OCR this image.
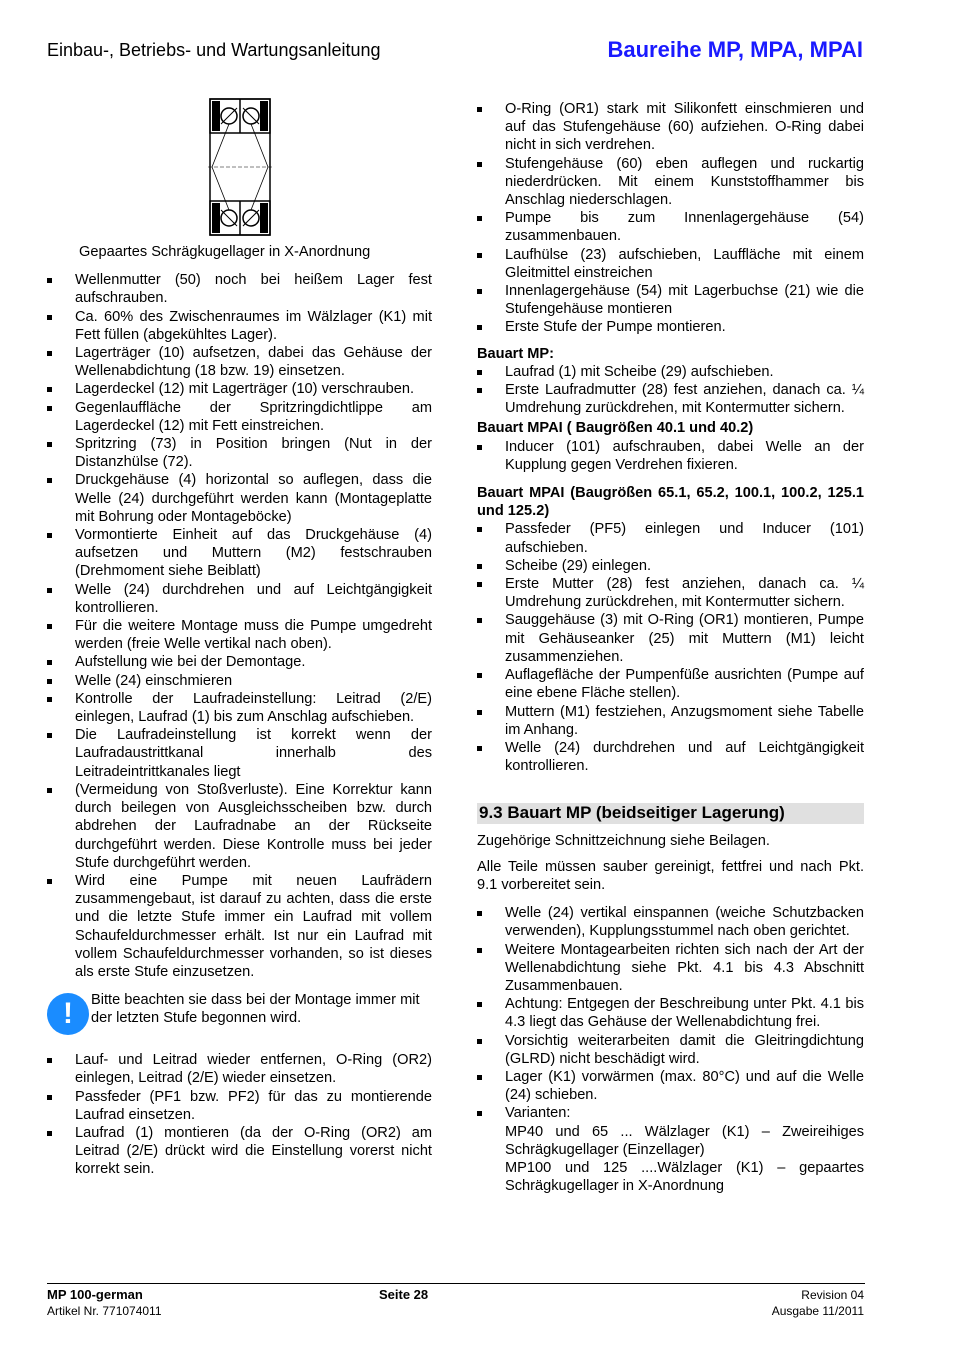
Einbau-, Betriebs- und Wartungsanleitung	Baureihe MP, MPA, MPAI
Gepaartes Schrägkugellager in X-Anordnung
Wellenmutter (50) noch bei heißem Lager fest aufschrauben.
Ca. 60% des Zwischenraumes im Wälzlager (K1) mit Fett füllen (abgekühltes Lager).
Lagerträger (10) aufsetzen, dabei das Gehäuse der Wellenabdichtung (18 bzw. 19) einsetzen.
Lagerdeckel (12) mit Lagerträger (10) verschrauben.
Gegenlauffläche der Spritzringdichtlippe am Lagerdeckel (12) mit Fett einstreichen.
Spritzring (73) in Position bringen (Nut in der Distanzhülse (72).
Druckgehäuse (4) horizontal so auflegen, dass die Welle (24) durchgeführt werden kann (Montageplatte mit Bohrung oder Montageböcke)
Vormontierte Einheit auf das Druckgehäuse (4) aufsetzen und Muttern (M2) festschrauben (Drehmoment siehe Beiblatt)
Welle (24) durchdrehen und auf Leichtgängigkeit kontrollieren.
Für die weitere Montage muss die Pumpe umgedreht werden (freie Welle vertikal nach oben).
Aufstellung wie bei der Demontage.
Welle (24) einschmieren
Kontrolle der Laufradeinstellung: Leitrad (2/E) einlegen, Laufrad (1) bis zum Anschlag aufschieben.
Die Laufradeinstellung ist korrekt wenn der Laufradaustrittkanal innerhalb des Leitradeintrittkanales liegt
(Vermeidung von Stoßverluste). Eine Korrektur kann durch beilegen von Ausgleichsscheiben bzw. durch abdrehen der Laufradnabe an der Rückseite durchgeführt werden. Diese Kontrolle muss bei jeder Stufe durchgeführt werden.
Wird eine Pumpe mit neuen Laufrädern zusammengebaut, ist darauf zu achten, dass die erste und die letzte Stufe immer ein Laufrad mit vollem Schaufeldurchmesser erhält. Ist nur ein Laufrad mit vollem Schaufeldurchmesser vorhanden, so ist dieses als erste Stufe einzusetzen.
!	Bitte beachten sie dass bei der Montage immer mit der letzten Stufe begonnen wird.
Lauf- und Leitrad wieder entfernen, O-Ring (OR2) einlegen, Leitrad (2/E) wieder einsetzen.
Passfeder (PF1 bzw. PF2) für das zu montierende Laufrad einsetzen.
Laufrad (1) montieren (da der O-Ring (OR2) am Leitrad (2/E) drückt wird die Einstellung vorerst nicht korrekt sein.
O-Ring (OR1) stark mit Silikonfett einschmieren und auf das Stufengehäuse (60) aufziehen. O-Ring dabei nicht in sich verdrehen.
Stufengehäuse (60) eben auflegen und ruckartig niederdrücken. Mit einem Kunststoffhammer bis Anschlag niederschlagen.
Pumpe bis zum Innenlagergehäuse (54) zusammenbauen.
Laufhülse (23) aufschieben, Lauffläche mit einem Gleitmittel einstreichen
Innenlagergehäuse (54) mit Lagerbuchse (21) wie die Stufengehäuse montieren
Erste Stufe der Pumpe montieren.
Bauart MP:
Laufrad (1) mit Scheibe (29) aufschieben.
Erste Laufradmutter (28) fest anziehen, danach ca. ¼ Umdrehung zurückdrehen, mit Kontermutter sichern.
Bauart MPAI ( Baugrößen 40.1 und 40.2)
Inducer (101) aufschrauben, dabei Welle an der Kupplung gegen Verdrehen fixieren.
Bauart MPAI (Baugrößen 65.1, 65.2, 100.1, 100.2, 125.1 und 125.2)
Passfeder (PF5) einlegen und Inducer (101) aufschieben.
Scheibe (29) einlegen.
Erste Mutter (28) fest anziehen, danach ca. ¼ Umdrehung zurückdrehen, mit Kontermutter sichern.
Sauggehäuse (3) mit O-Ring (OR1) montieren, Pumpe mit Gehäuseanker (25) mit Muttern (M1) leicht zusammenziehen.
Auflagefläche der Pumpenfüße ausrichten (Pumpe auf eine ebene Fläche stellen).
Muttern (M1) festziehen, Anzugsmoment siehe Tabelle im Anhang.
Welle (24) durchdrehen und auf Leichtgängigkeit kontrollieren.
9.3 Bauart MP (beidseitiger Lagerung)
Zugehörige Schnittzeichnung siehe Beilagen.
Alle Teile müssen sauber gereinigt, fettfrei und nach Pkt. 9.1 vorbereitet sein.
Welle (24) vertikal einspannen (weiche Schutzbacken verwenden), Kupplungsstummel nach oben gerichtet.
Weitere Montagearbeiten richten sich nach der Art der Wellenabdichtung siehe Pkt. 4.1 bis 4.3 Abschnitt Zusammenbauen.
Achtung: Entgegen der Beschreibung unter Pkt. 4.1 bis 4.3 liegt das Gehäuse der Wellenabdichtung frei.
Vorsichtig weiterarbeiten damit die Gleitringdichtung (GLRD) nicht beschädigt wird.
Lager (K1) vorwärmen (max. 80°C) und auf die Welle (24) schieben.
Varianten:
MP40 und 65 ... Wälzlager (K1) – Zweireihiges Schrägkugellager (Einzellager)
MP100 und 125 ....Wälzlager (K1) – gepaartes Schrägkugellager in X-Anordnung
MP 100-german
Artikel Nr. 771074011
Seite 28	Revision 04
Ausgabe 11/2011
